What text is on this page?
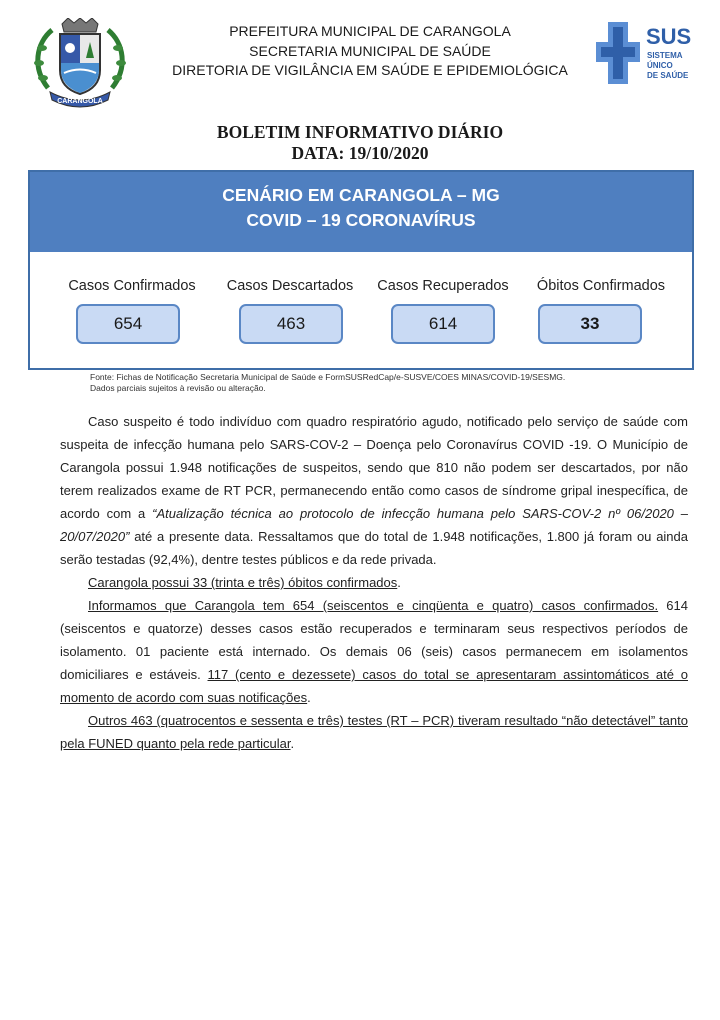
CARANGOLA
PREFEITURA MUNICIPAL DE CARANGOLA
SECRETARIA MUNICIPAL DE SAÚDE
DIRETORIA DE VIGILÂNCIA EM SAÚDE E EPIDEMIOLÓGICA
SUS
SISTEMA
ÚNICO
DE SAÚDE
BOLETIM INFORMATIVO DIÁRIO
DATA: 19/10/2020
CENÁRIO EM CARANGOLA – MG
COVID – 19 CORONAVÍRUS
Casos Confirmados
654
Casos Descartados
463
Casos Recuperados
614
Óbitos Confirmados
33
Fonte: Fichas de Notificação Secretaria Municipal de Saúde e FormSUSRedCap/e-SUSVE/COES MINAS/COVID-19/SESMG.
Dados parciais sujeitos à revisão ou alteração.

Caso suspeito é todo indivíduo com quadro respiratório agudo, notificado pelo serviço de saúde com suspeita de infecção humana pelo SARS-COV-2 – Doença pelo Coronavírus COVID -19. O Município de Carangola possui 1.948 notificações de suspeitos, sendo que 810 não podem ser descartados, por não terem realizados exame de RT PCR, permanecendo então como casos de síndrome gripal inespecífica, de acordo com a “Atualização técnica ao protocolo de infecção humana pelo SARS-COV-2 nº 06/2020 – 20/07/2020” até a presente data. Ressaltamos que do total de 1.948 notificações, 1.800 já foram ou ainda serão testadas (92,4%), dentre testes públicos e da rede privada.

Carangola possui 33 (trinta e três) óbitos confirmados.

Informamos que Carangola tem 654 (seiscentos e cinqüenta e quatro) casos confirmados. 614 (seiscentos e quatorze) desses casos estão recuperados e terminaram seus respectivos períodos de isolamento. 01 paciente está internado. Os demais 06 (seis) casos permanecem em isolamentos domiciliares e estáveis. 117 (cento e dezessete) casos do total se apresentaram assintomáticos até o momento de acordo com suas notificações.

Outros 463 (quatrocentos e sessenta e três) testes (RT – PCR) tiveram resultado “não detectável” tanto pela FUNED quanto pela rede particular.
